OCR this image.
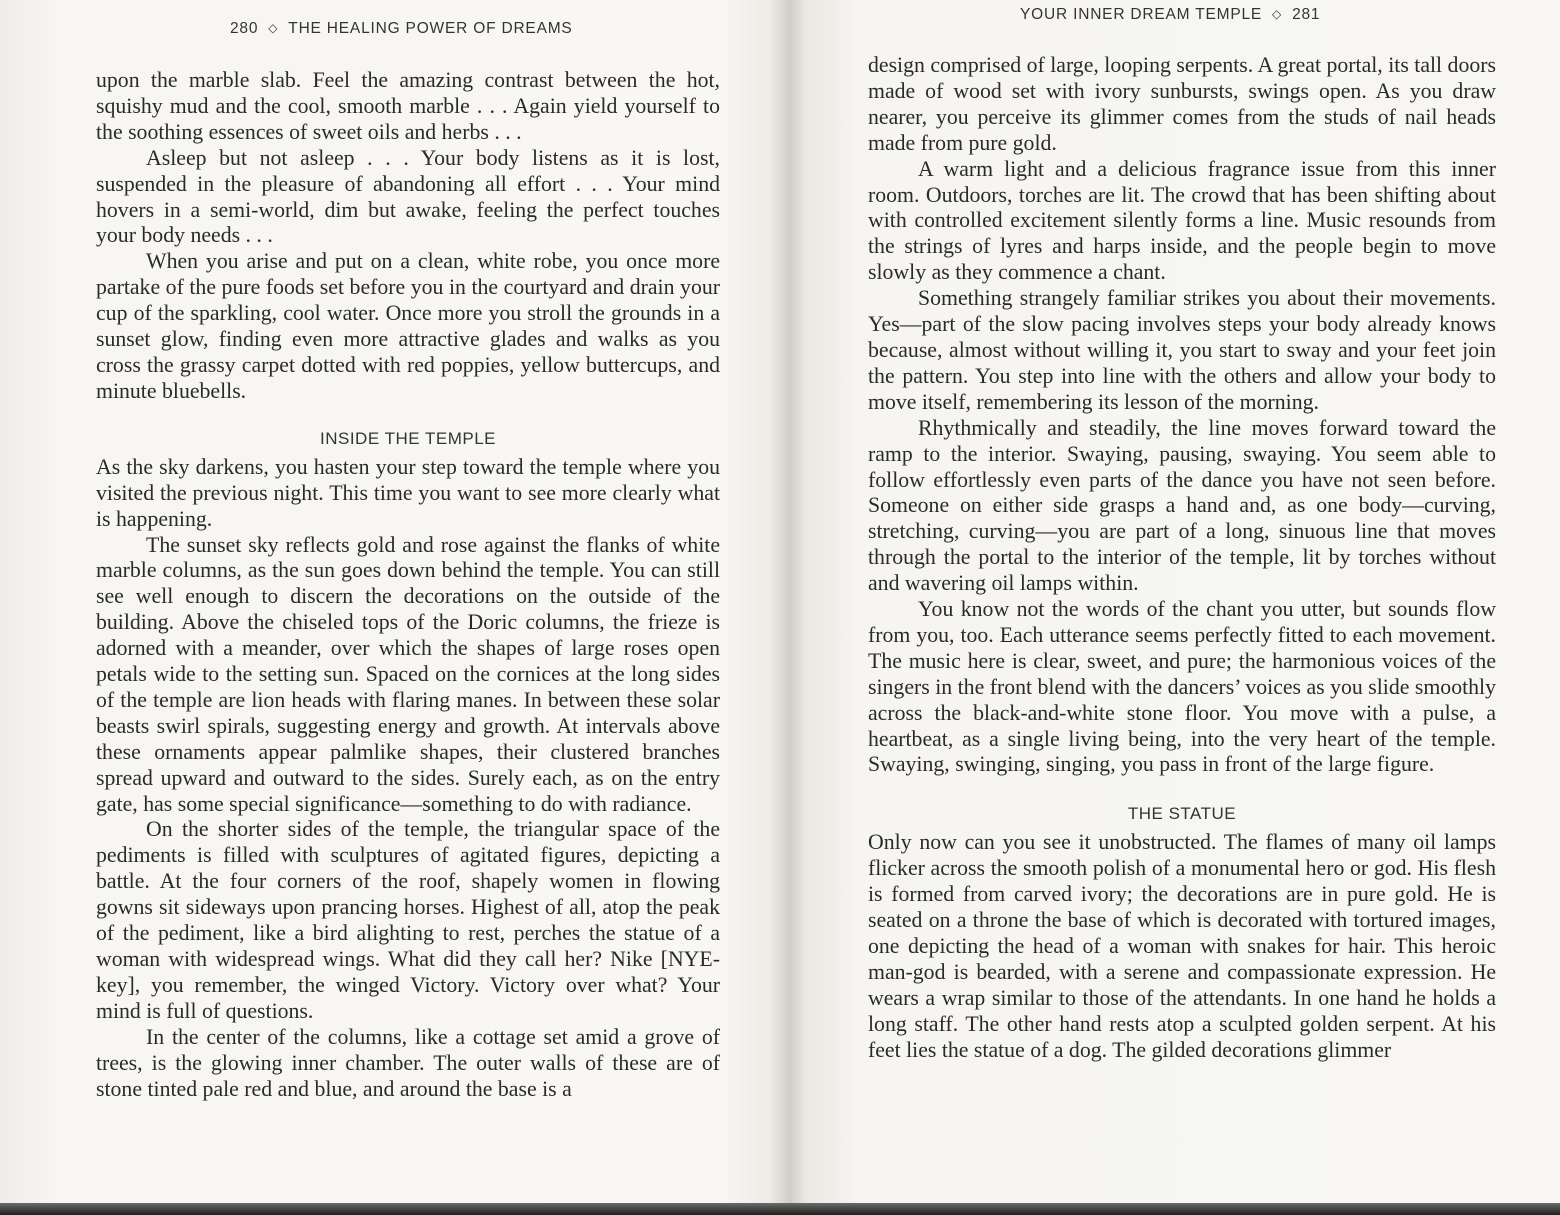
280 ◇ THE HEALING POWER OF DREAMS

upon the marble slab. Feel the amazing contrast between the hot, squishy mud and the cool, smooth marble . . . Again yield yourself to the soothing essences of sweet oils and herbs . . .

Asleep but not asleep . . . Your body listens as it is lost, suspended in the pleasure of abandoning all effort . . . Your mind hovers in a semi-world, dim but awake, feeling the perfect touches your body needs . . .

When you arise and put on a clean, white robe, you once more partake of the pure foods set before you in the courtyard and drain your cup of the sparkling, cool water. Once more you stroll the grounds in a sunset glow, finding even more attractive glades and walks as you cross the grassy carpet dotted with red poppies, yellow buttercups, and minute bluebells.

INSIDE THE TEMPLE

As the sky darkens, you hasten your step toward the temple where you visited the previous night. This time you want to see more clearly what is happening.

The sunset sky reflects gold and rose against the flanks of white marble columns, as the sun goes down behind the temple. You can still see well enough to discern the decorations on the outside of the building. Above the chiseled tops of the Doric columns, the frieze is adorned with a meander, over which the shapes of large roses open petals wide to the setting sun. Spaced on the cornices at the long sides of the temple are lion heads with flaring manes. In between these solar beasts swirl spirals, suggesting energy and growth. At intervals above these ornaments appear palmlike shapes, their clustered branches spread upward and outward to the sides. Surely each, as on the entry gate, has some special significance—something to do with radiance.

On the shorter sides of the temple, the triangular space of the pediments is filled with sculptures of agitated figures, depicting a battle. At the four corners of the roof, shapely women in flowing gowns sit sideways upon prancing horses. Highest of all, atop the peak of the pediment, like a bird alighting to rest, perches the statue of a woman with widespread wings. What did they call her? Nike [NYE-key], you remember, the winged Victory. Victory over what? Your mind is full of questions.

In the center of the columns, like a cottage set amid a grove of trees, is the glowing inner chamber. The outer walls of these are of stone tinted pale red and blue, and around the base is a

YOUR INNER DREAM TEMPLE ◇ 281

design comprised of large, looping serpents. A great portal, its tall doors made of wood set with ivory sunbursts, swings open. As you draw nearer, you perceive its glimmer comes from the studs of nail heads made from pure gold.

A warm light and a delicious fragrance issue from this inner room. Outdoors, torches are lit. The crowd that has been shifting about with controlled excitement silently forms a line. Music resounds from the strings of lyres and harps inside, and the people begin to move slowly as they commence a chant.

Something strangely familiar strikes you about their movements. Yes—part of the slow pacing involves steps your body already knows because, almost without willing it, you start to sway and your feet join the pattern. You step into line with the others and allow your body to move itself, remembering its lesson of the morning.

Rhythmically and steadily, the line moves forward toward the ramp to the interior. Swaying, pausing, swaying. You seem able to follow effortlessly even parts of the dance you have not seen before. Someone on either side grasps a hand and, as one body—curving, stretching, curving—you are part of a long, sinuous line that moves through the portal to the interior of the temple, lit by torches without and wavering oil lamps within.

You know not the words of the chant you utter, but sounds flow from you, too. Each utterance seems perfectly fitted to each movement. The music here is clear, sweet, and pure; the harmonious voices of the singers in the front blend with the dancers’ voices as you slide smoothly across the black-and-white stone floor. You move with a pulse, a heartbeat, as a single living being, into the very heart of the temple. Swaying, swinging, singing, you pass in front of the large figure.

THE STATUE

Only now can you see it unobstructed. The flames of many oil lamps flicker across the smooth polish of a monumental hero or god. His flesh is formed from carved ivory; the decorations are in pure gold. He is seated on a throne the base of which is decorated with tortured images, one depicting the head of a woman with snakes for hair. This heroic man-god is bearded, with a serene and compassionate expression. He wears a wrap similar to those of the attendants. In one hand he holds a long staff. The other hand rests atop a sculpted golden serpent. At his feet lies the statue of a dog. The gilded decorations glimmer
